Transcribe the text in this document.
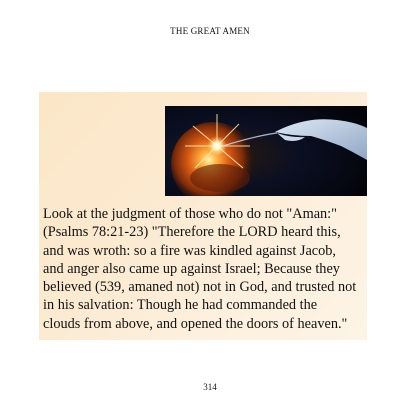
THE GREAT AMEN

Look at the judgment of those who do not "Aman:"
(Psalms 78:21-23) "Therefore the LORD heard this,
and was wroth: so a fire was kindled against Jacob,
and anger also came up against Israel; Because they
believed (539, amaned not) not in God, and trusted not
in his salvation: Though he had commanded the
clouds from above, and opened the doors of heaven."

314
